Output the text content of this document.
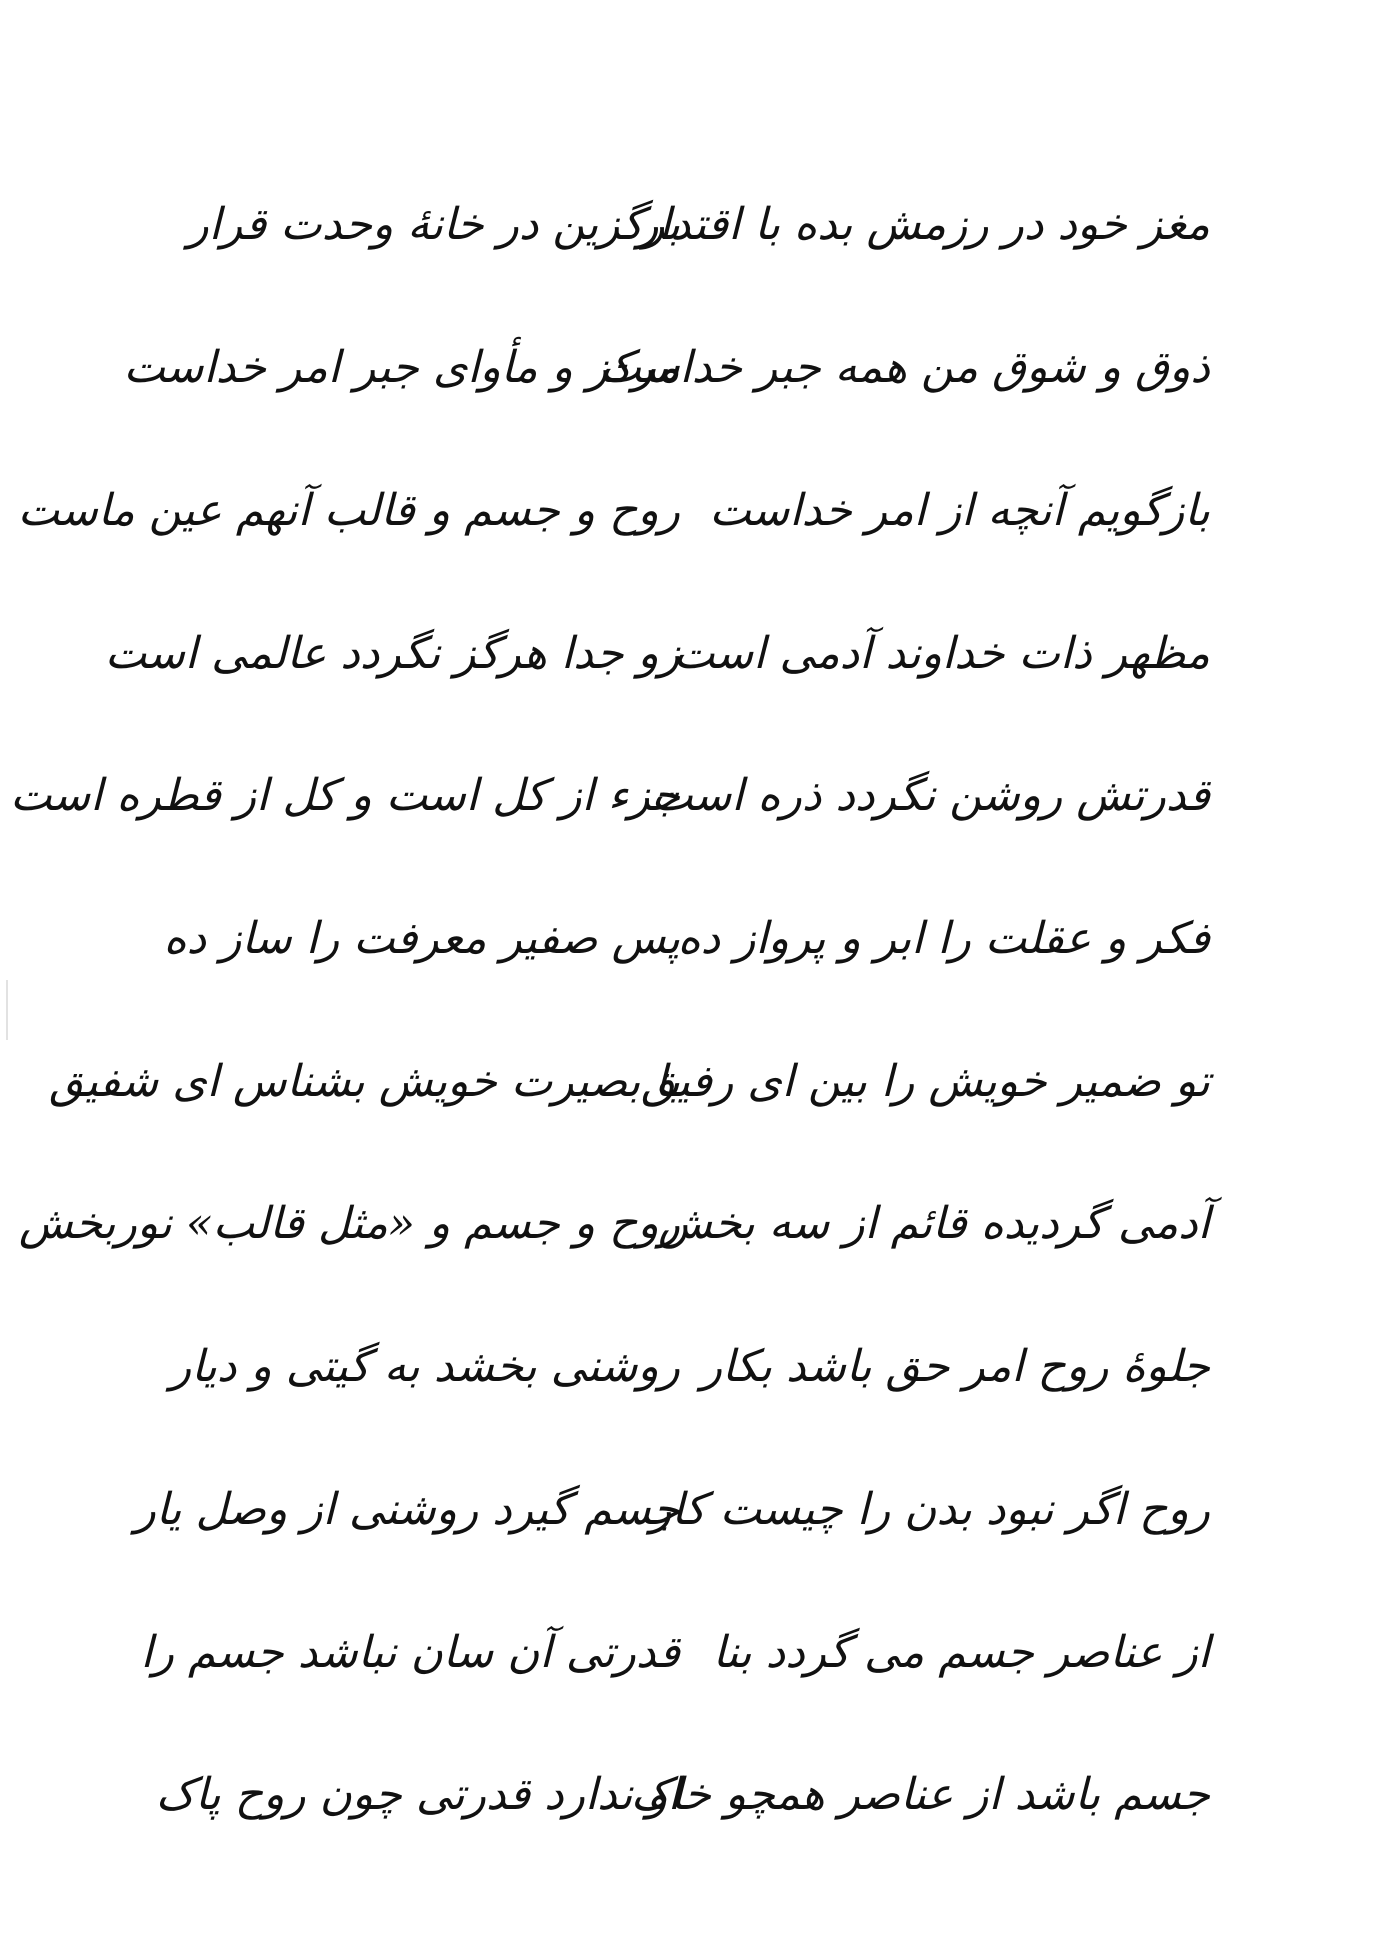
مغز خود در رزمش بده با اقتدار
برگزین در خانهٔ وحدت قرار
ذوق و شوق من همه جبر خداست
مرکز و مأوای جبر امر خداست
بازگویم آنچه از امر خداست
روح و جسم و قالب آنهم عین ماست
مظهر ذات خداوند آدمی است
زو جدا هرگز نگردد عالمی است
قدرتش روشن نگردد ذره است
جزء از کل است و کل از قطره است
فکر و عقلت را ابر و پرواز ده
پس صفیر معرفت را ساز ده
تو ضمیر خویش را بین ای رفیق
با بصیرت خویش بشناس ای شفیق
آدمی گردیده قائم از سه بخش
روح و جسم و «مثل قالب» نوربخش
جلوهٔ روح امر حق باشد بکار
روشنی بخشد به گیتی و دیار
روح اگر نبود بدن را چیست کار
جسم گیرد روشنی از وصل یار
از عناصر جسم می گردد بنا
قدرتی آن سان نباشد جسم را
جسم باشد از عناصر همچو خاک
او ندارد قدرتی چون روح پاک
